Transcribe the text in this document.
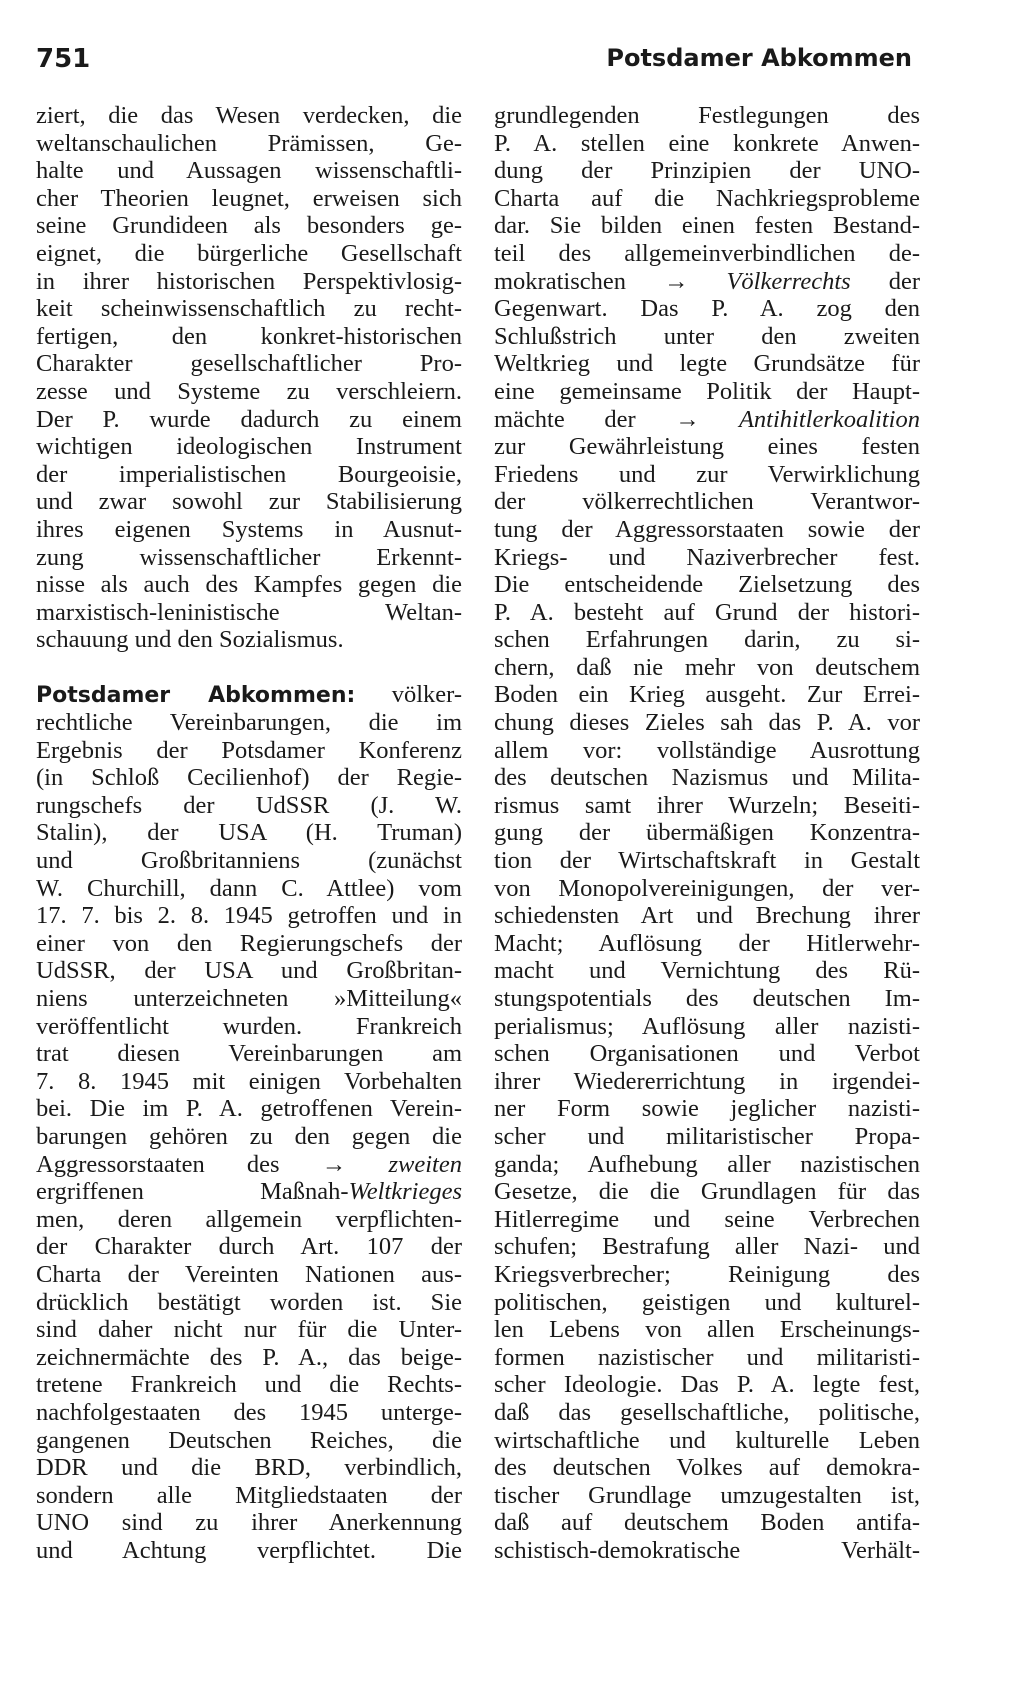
751	Potsdamer Abkommen
ziert, die das Wesen verdecken, die
weltanschaulichen Prämissen, Ge-
halte und Aussagen wissenschaftli-
cher Theorien leugnet, erweisen sich
seine Grundideen als besonders ge-
eignet, die bürgerliche Gesellschaft
in ihrer historischen Perspektivlosig-
keit scheinwissenschaftlich zu recht-
fertigen, den konkret-historischen
Charakter gesellschaftlicher Pro-
zesse und Systeme zu verschleiern.
Der P. wurde dadurch zu einem
wichtigen ideologischen Instrument
der imperialistischen Bourgeoisie,
und zwar sowohl zur Stabilisierung
ihres eigenen Systems in Ausnut-
zung wissenschaftlicher Erkennt-
nisse als auch des Kampfes gegen die
marxistisch-leninistische Weltan-
schauung und den Sozialismus.
Potsdamer Abkommen: völker-
rechtliche Vereinbarungen, die im
Ergebnis der Potsdamer Konferenz
(in Schloß Cecilienhof) der Regie-
rungschefs der UdSSR (J. W.
Stalin), der USA (H. Truman)
und Großbritanniens (zunächst
W. Churchill, dann C. Attlee) vom
17. 7. bis 2. 8. 1945 getroffen und in
einer von den Regierungschefs der
UdSSR, der USA und Großbritan-
niens unterzeichneten »Mitteilung«
veröffentlicht wurden. Frankreich
trat diesen Vereinbarungen am
7. 8. 1945 mit einigen Vorbehalten
bei. Die im P. A. getroffenen Verein-
barungen gehören zu den gegen die
Aggressorstaaten des → zweiten
ergriffenen Maßnah-Weltkrieges
men, deren allgemein verpflichten-
der Charakter durch Art. 107 der
Charta der Vereinten Nationen aus-
drücklich bestätigt worden ist. Sie
sind daher nicht nur für die Unter-
zeichnermächte des P. A., das beige-
tretene Frankreich und die Rechts-
nachfolgestaaten des 1945 unterge-
gangenen Deutschen Reiches, die
DDR und die BRD, verbindlich,
sondern alle Mitgliedstaaten der
UNO sind zu ihrer Anerkennung
und Achtung verpflichtet. Die
grundlegenden Festlegungen des
P. A. stellen eine konkrete Anwen-
dung der Prinzipien der UNO-
Charta auf die Nachkriegsprobleme
dar. Sie bilden einen festen Bestand-
teil des allgemeinverbindlichen de-
mokratischen → Völkerrechts der
Gegenwart. Das P. A. zog den
Schlußstrich unter den zweiten
Weltkrieg und legte Grundsätze für
eine gemeinsame Politik der Haupt-
mächte der → Antihitlerkoalition
zur Gewährleistung eines festen
Friedens und zur Verwirklichung
der völkerrechtlichen Verantwor-
tung der Aggressorstaaten sowie der
Kriegs- und Naziverbrecher fest.
Die entscheidende Zielsetzung des
P. A. besteht auf Grund der histori-
schen Erfahrungen darin, zu si-
chern, daß nie mehr von deutschem
Boden ein Krieg ausgeht. Zur Errei-
chung dieses Zieles sah das P. A. vor
allem vor: vollständige Ausrottung
des deutschen Nazismus und Milita-
rismus samt ihrer Wurzeln; Beseiti-
gung der übermäßigen Konzentra-
tion der Wirtschaftskraft in Gestalt
von Monopolvereinigungen, der ver-
schiedensten Art und Brechung ihrer
Macht; Auflösung der Hitlerwehr-
macht und Vernichtung des Rü-
stungspotentials des deutschen Im-
perialismus; Auflösung aller nazisti-
schen Organisationen und Verbot
ihrer Wiedererrichtung in irgendei-
ner Form sowie jeglicher nazisti-
scher und militaristischer Propa-
ganda; Aufhebung aller nazistischen
Gesetze, die die Grundlagen für das
Hitlerregime und seine Verbrechen
schufen; Bestrafung aller Nazi- und
Kriegsverbrecher; Reinigung des
politischen, geistigen und kulturel-
len Lebens von allen Erscheinungs-
formen nazistischer und militaristi-
scher Ideologie. Das P. A. legte fest,
daß das gesellschaftliche, politische,
wirtschaftliche und kulturelle Leben
des deutschen Volkes auf demokra-
tischer Grundlage umzugestalten ist,
daß auf deutschem Boden antifa-
schistisch-demokratische Verhält-
